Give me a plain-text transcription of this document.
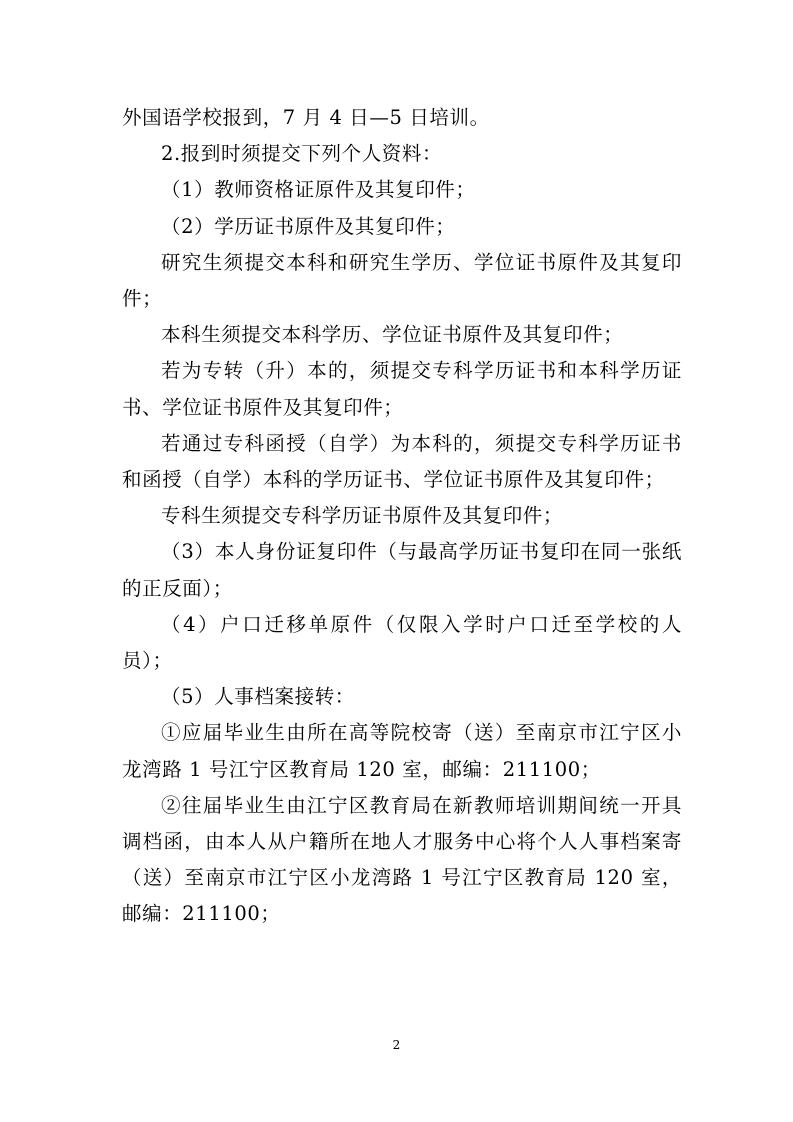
外国语学校报到，7 月 4 日—5 日培训。

2.报到时须提交下列个人资料：

（1）教师资格证原件及其复印件；

（2）学历证书原件及其复印件；

研究生须提交本科和研究生学历、学位证书原件及其复印件；

本科生须提交本科学历、学位证书原件及其复印件；

若为专转（升）本的，须提交专科学历证书和本科学历证书、学位证书原件及其复印件；

若通过专科函授（自学）为本科的，须提交专科学历证书和函授（自学）本科的学历证书、学位证书原件及其复印件；

专科生须提交专科学历证书原件及其复印件；

（3）本人身份证复印件（与最高学历证书复印在同一张纸的正反面）；

（4）户口迁移单原件（仅限入学时户口迁至学校的人员）；

（5）人事档案接转：

①应届毕业生由所在高等院校寄（送）至南京市江宁区小龙湾路 1 号江宁区教育局 120 室，邮编：211100；

②往届毕业生由江宁区教育局在新教师培训期间统一开具调档函，由本人从户籍所在地人才服务中心将个人人事档案寄（送）至南京市江宁区小龙湾路 1 号江宁区教育局 120 室，邮编：211100；

2
